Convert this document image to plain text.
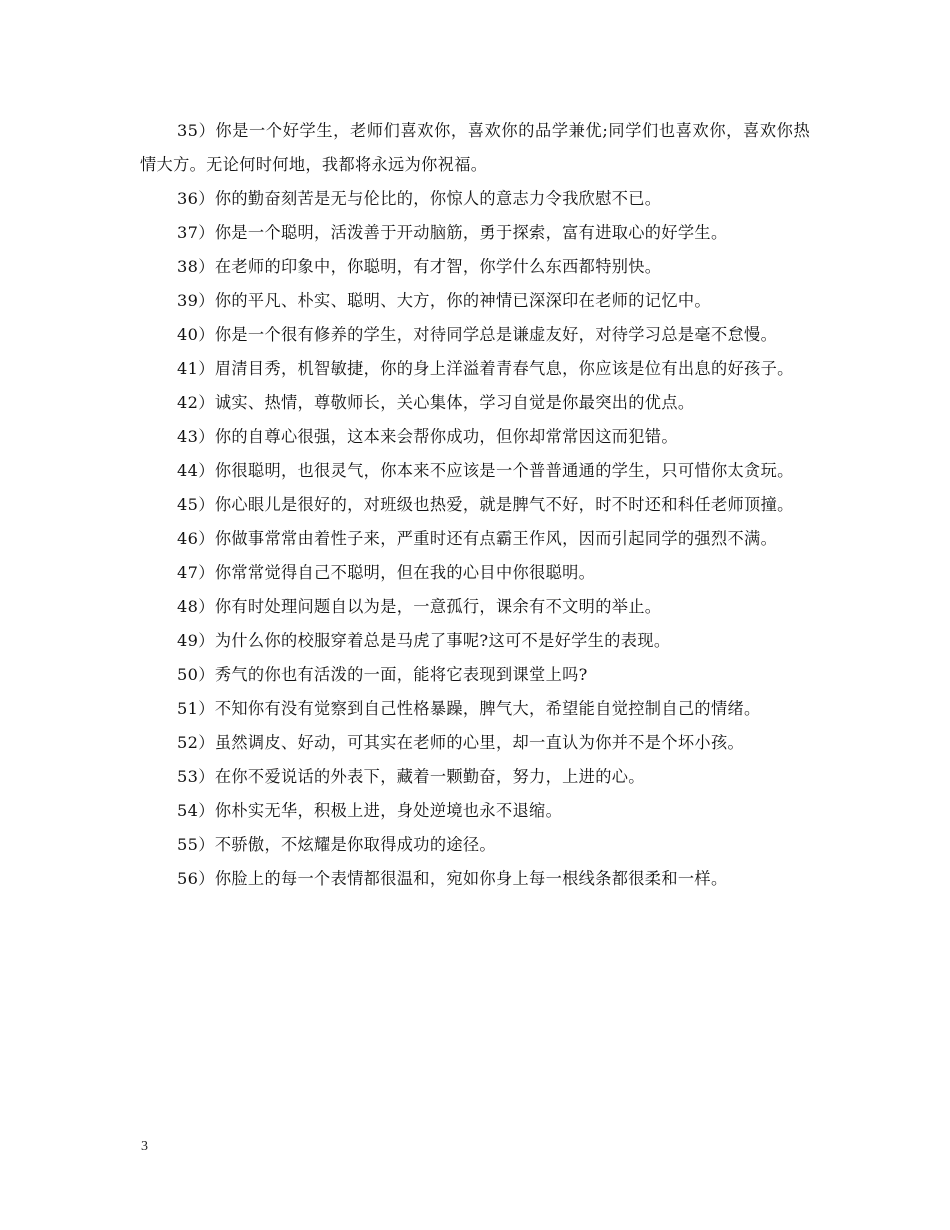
35）你是一个好学生，老师们喜欢你，喜欢你的品学兼优;同学们也喜欢你，喜欢你热情大方。无论何时何地，我都将永远为你祝福。

36）你的勤奋刻苦是无与伦比的，你惊人的意志力令我欣慰不已。

37）你是一个聪明，活泼善于开动脑筋，勇于探索，富有进取心的好学生。

38）在老师的印象中，你聪明，有才智，你学什么东西都特别快。

39）你的平凡、朴实、聪明、大方，你的神情已深深印在老师的记忆中。

40）你是一个很有修养的学生，对待同学总是谦虚友好，对待学习总是毫不怠慢。

41）眉清目秀，机智敏捷，你的身上洋溢着青春气息，你应该是位有出息的好孩子。

42）诚实、热情，尊敬师长，关心集体，学习自觉是你最突出的优点。

43）你的自尊心很强，这本来会帮你成功，但你却常常因这而犯错。

44）你很聪明，也很灵气，你本来不应该是一个普普通通的学生，只可惜你太贪玩。

45）你心眼儿是很好的，对班级也热爱，就是脾气不好，时不时还和科任老师顶撞。

46）你做事常常由着性子来，严重时还有点霸王作风，因而引起同学的强烈不满。

47）你常常觉得自己不聪明，但在我的心目中你很聪明。

48）你有时处理问题自以为是，一意孤行，课余有不文明的举止。

49）为什么你的校服穿着总是马虎了事呢?这可不是好学生的表现。

50）秀气的你也有活泼的一面，能将它表现到课堂上吗?

51）不知你有没有觉察到自己性格暴躁，脾气大，希望能自觉控制自己的情绪。

52）虽然调皮、好动，可其实在老师的心里，却一直认为你并不是个坏小孩。

53）在你不爱说话的外表下，藏着一颗勤奋，努力，上进的心。

54）你朴实无华，积极上进，身处逆境也永不退缩。

55）不骄傲，不炫耀是你取得成功的途径。

56）你脸上的每一个表情都很温和，宛如你身上每一根线条都很柔和一样。

3
